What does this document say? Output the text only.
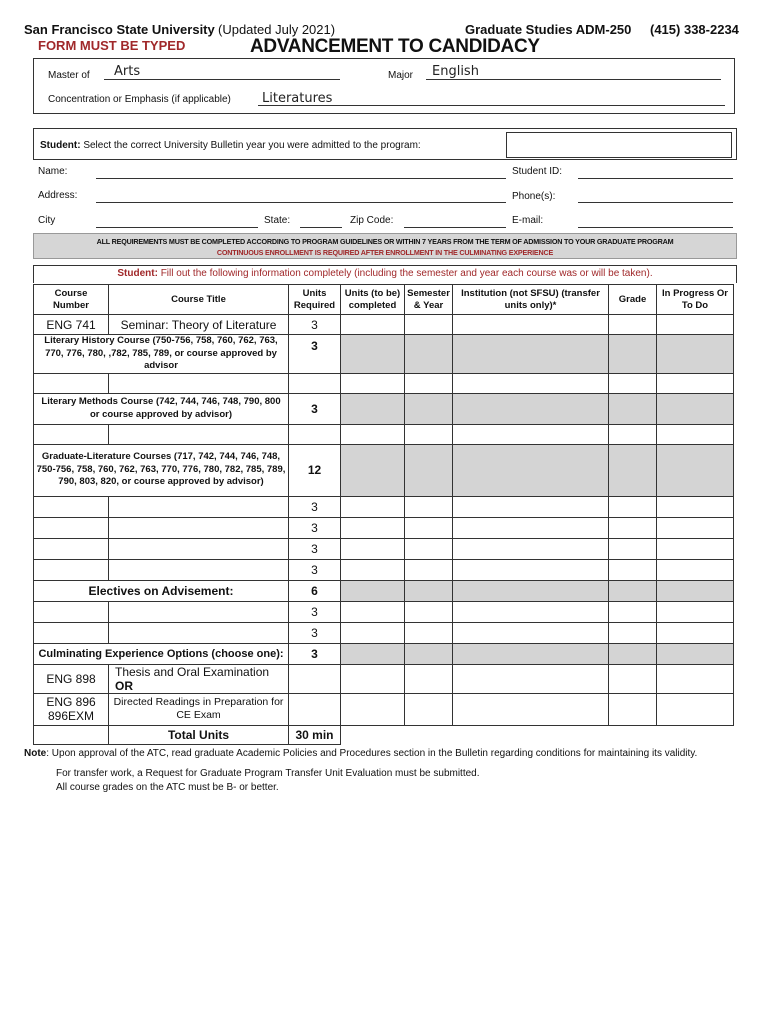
San Francisco State University (Updated July 2021)
FORM MUST BE TYPED
Graduate Studies ADM-250 (415) 338-2234
ADVANCEMENT TO CANDIDACY
Master of Arts	Major English
Concentration or Emphasis (if applicable) Literatures
Student: Select the correct University Bulletin year you were admitted to the program:
Name:	Student ID:
Address:	Phone(s):
City	State:	Zip Code:	E-mail:
ALL REQUIREMENTS MUST BE COMPLETED ACCORDING TO PROGRAM GUIDELINES OR WITHIN 7 YEARS FROM THE TERM OF ADMISSION TO YOUR GRADUATE PROGRAM
CONTINUOUS ENROLLMENT IS REQUIRED AFTER ENROLLMENT IN THE CULMINATING EXPERIENCE
Student: Fill out the following information completely (including the semester and year each course was or will be taken).
Course Number	Course Title	Units Required	Units (to be) completed	Semester & Year	Institution (not SFSU) (transfer units only)*	Grade	In Progress Or To Do
ENG 741	Seminar: Theory of Literature	3					
Literary History Course (750-756, 758, 760, 762, 763, 770, 776, 780, ,782, 785, 789, or course approved by advisor		3					

Literary Methods Course (742, 744, 746, 748, 790, 800 or course approved by advisor)		3					

Graduate-Literature Courses (717, 742, 744, 746, 748, 750-756, 758, 760, 762, 763, 770, 776, 780, 782, 785, 789, 790, 803, 820, or course approved by advisor)		12					
		3					
		3					
		3					
		3					
Electives on Advisement:		6					
		3					
		3					
Culminating Experience Options (choose one):		3					
ENG 898	Thesis and Oral Examination OR						
ENG 896 896EXM	Directed Readings in Preparation for CE Exam						
	Total Units	30 min					
Note: Upon approval of the ATC, read graduate Academic Policies and Procedures section in the Bulletin regarding conditions for maintaining its validity.
For transfer work, a Request for Graduate Program Transfer Unit Evaluation must be submitted.
All course grades on the ATC must be B- or better.
